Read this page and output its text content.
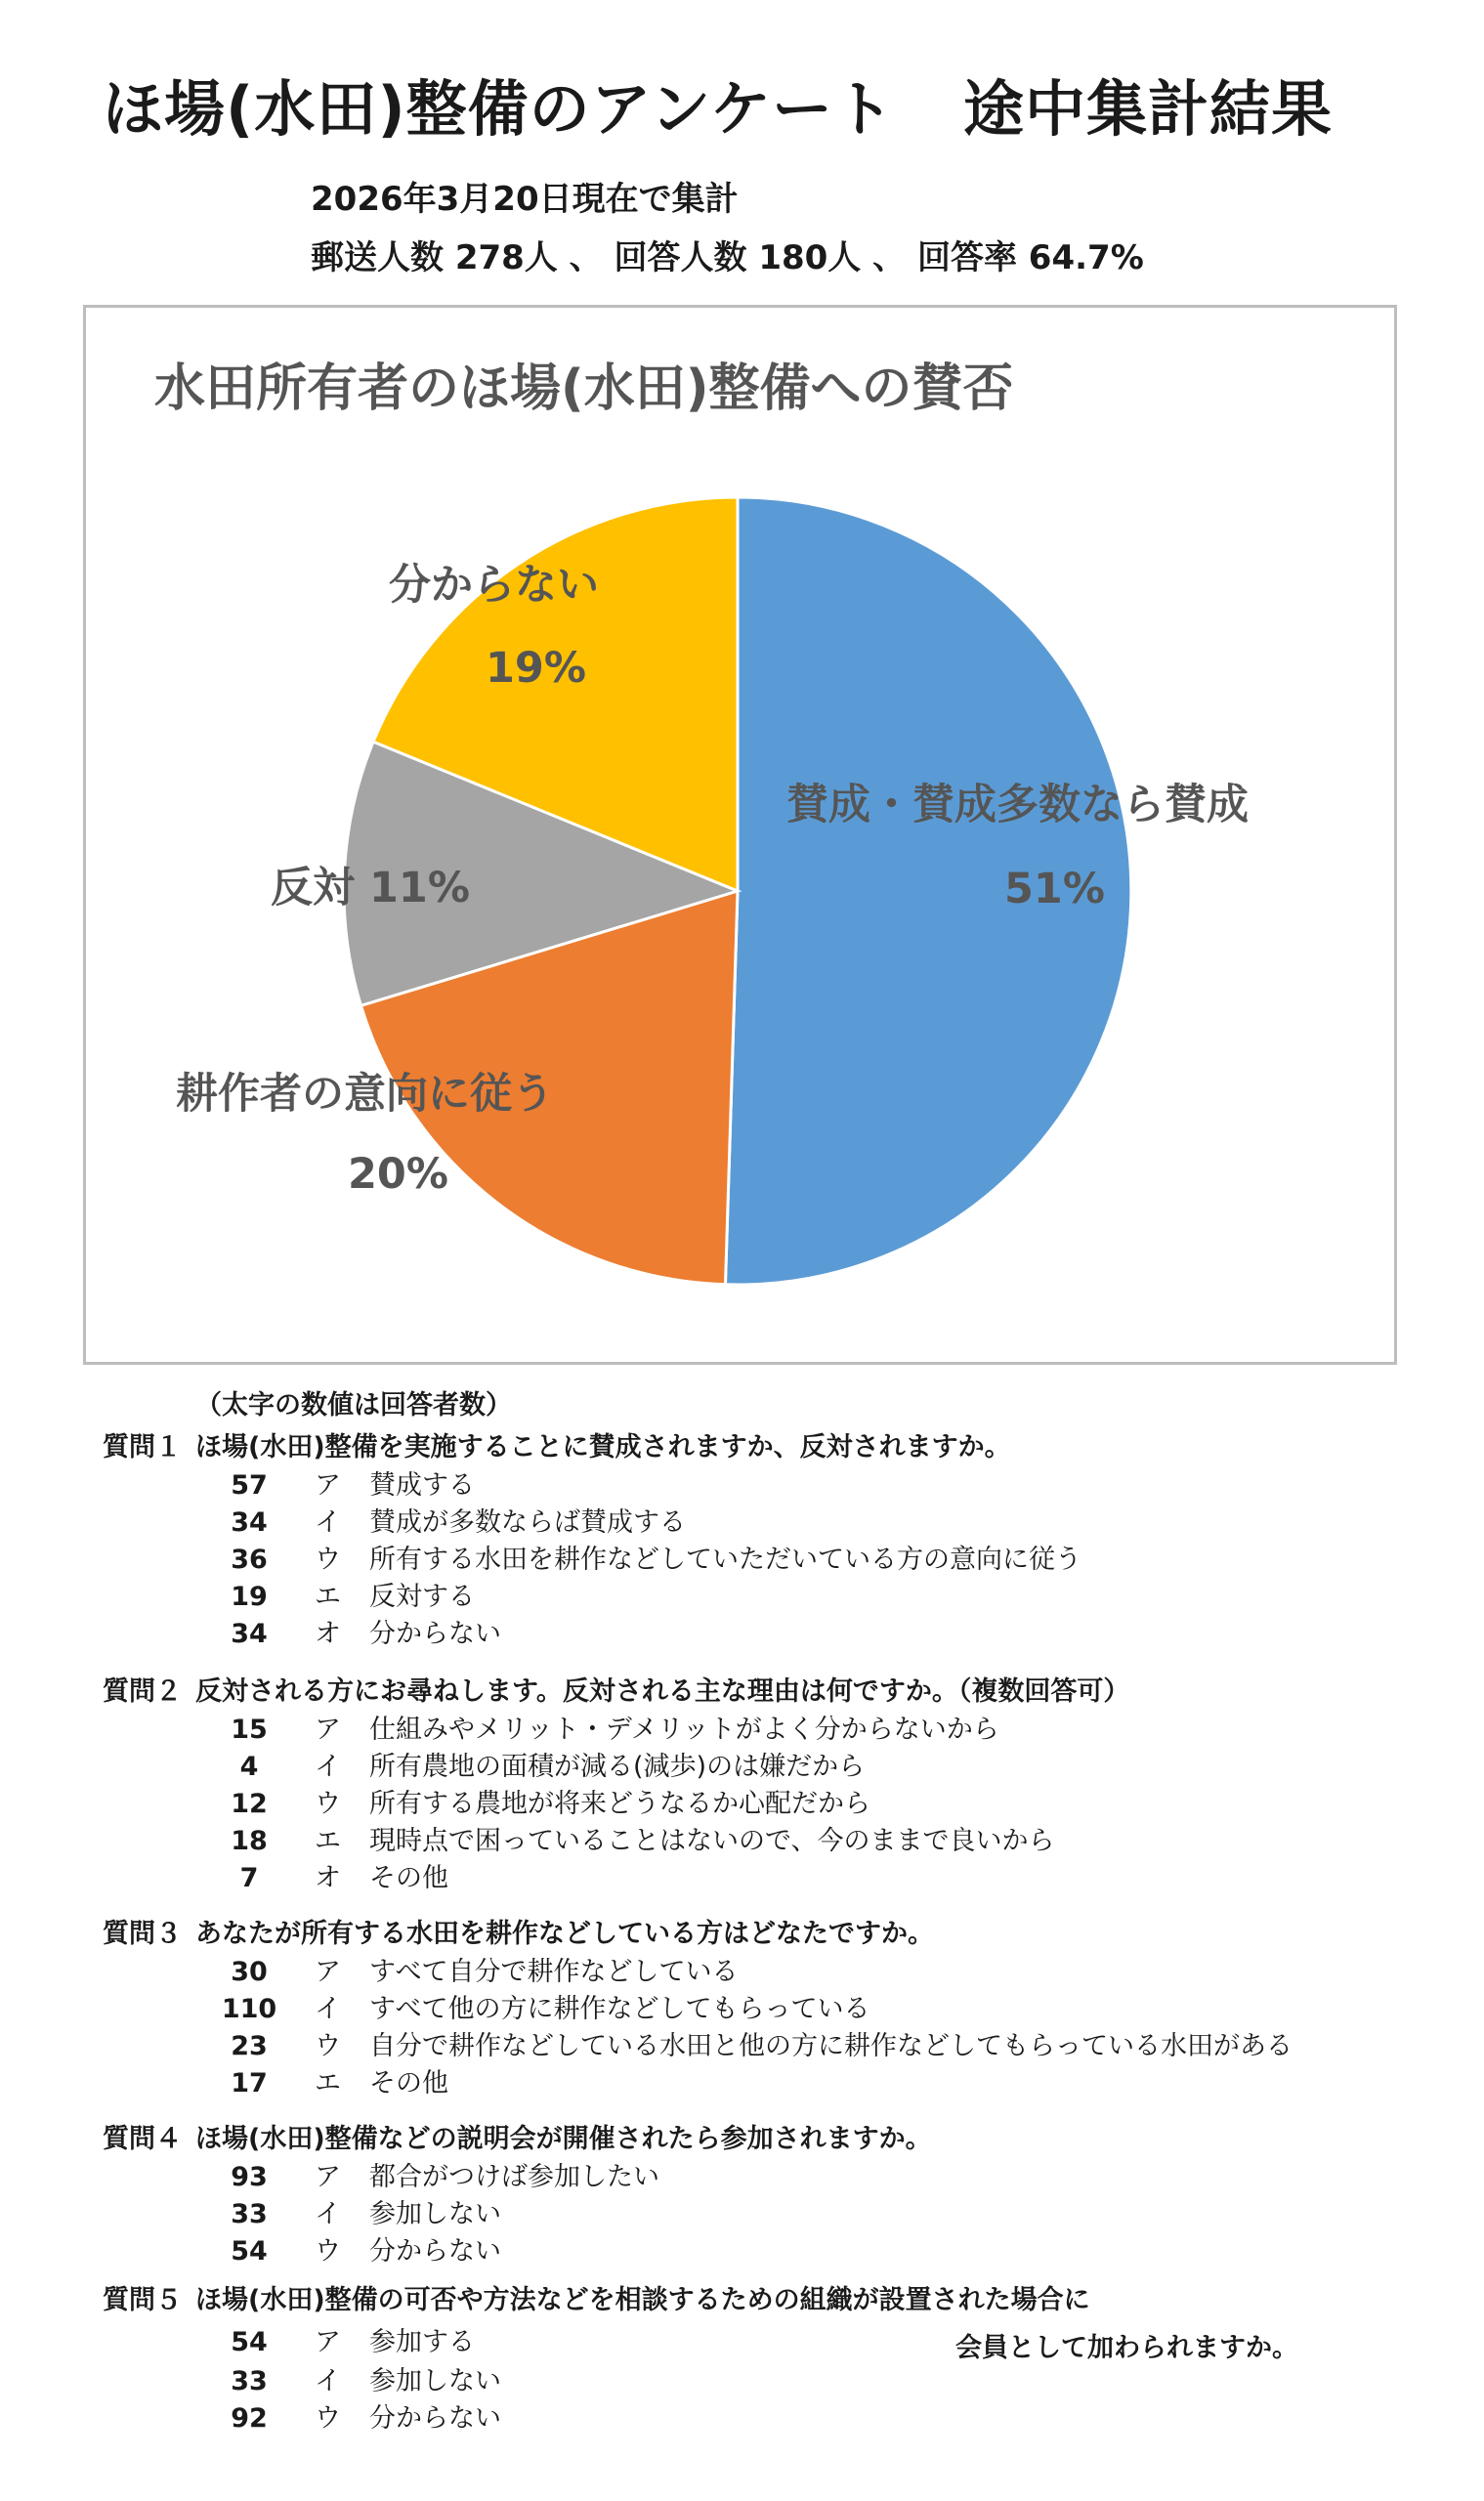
ほ場(水田)整備のアンケート 途中集計結果
2026年3月20日現在で集計
郵送人数 278人 、 回答人数 180人 、 回答率 64.7%
水田所有者のほ場(水田)整備への賛否
賛成・賛成多数なら賛成
51%
耕作者の意向に従う
20%
反対 11%
分からない
19%
（太字の数値は回答者数）
質問１ ほ場(水田)整備を実施することに賛成されますか、反対されますか。
57	ア 賛成する
34	イ 賛成が多数ならば賛成する
36	ウ 所有する水田を耕作などしていただいている方の意向に従う
19	エ 反対する
34	オ 分からない
質問２ 反対される方にお尋ねします。反対される主な理由は何ですか。（複数回答可）
15	ア 仕組みやメリット・デメリットがよく分からないから
4	イ 所有農地の面積が減る(減歩)のは嫌だから
12	ウ 所有する農地が将来どうなるか心配だから
18	エ 現時点で困っていることはないので、今のままで良いから
7	オ その他
質問３ あなたが所有する水田を耕作などしている方はどなたですか。
30	ア すべて自分で耕作などしている
110	イ すべて他の方に耕作などしてもらっている
23	ウ 自分で耕作などしている水田と他の方に耕作などしてもらっている水田がある
17	エ その他
質問４ ほ場(水田)整備などの説明会が開催されたら参加されますか。
93	ア 都合がつけば参加したい
33	イ 参加しない
54	ウ 分からない
質問５ ほ場(水田)整備の可否や方法などを相談するための組織が設置された場合に
54	ア 参加する
33	イ 参加しない
92	ウ 分からない
会員として加わられますか。
